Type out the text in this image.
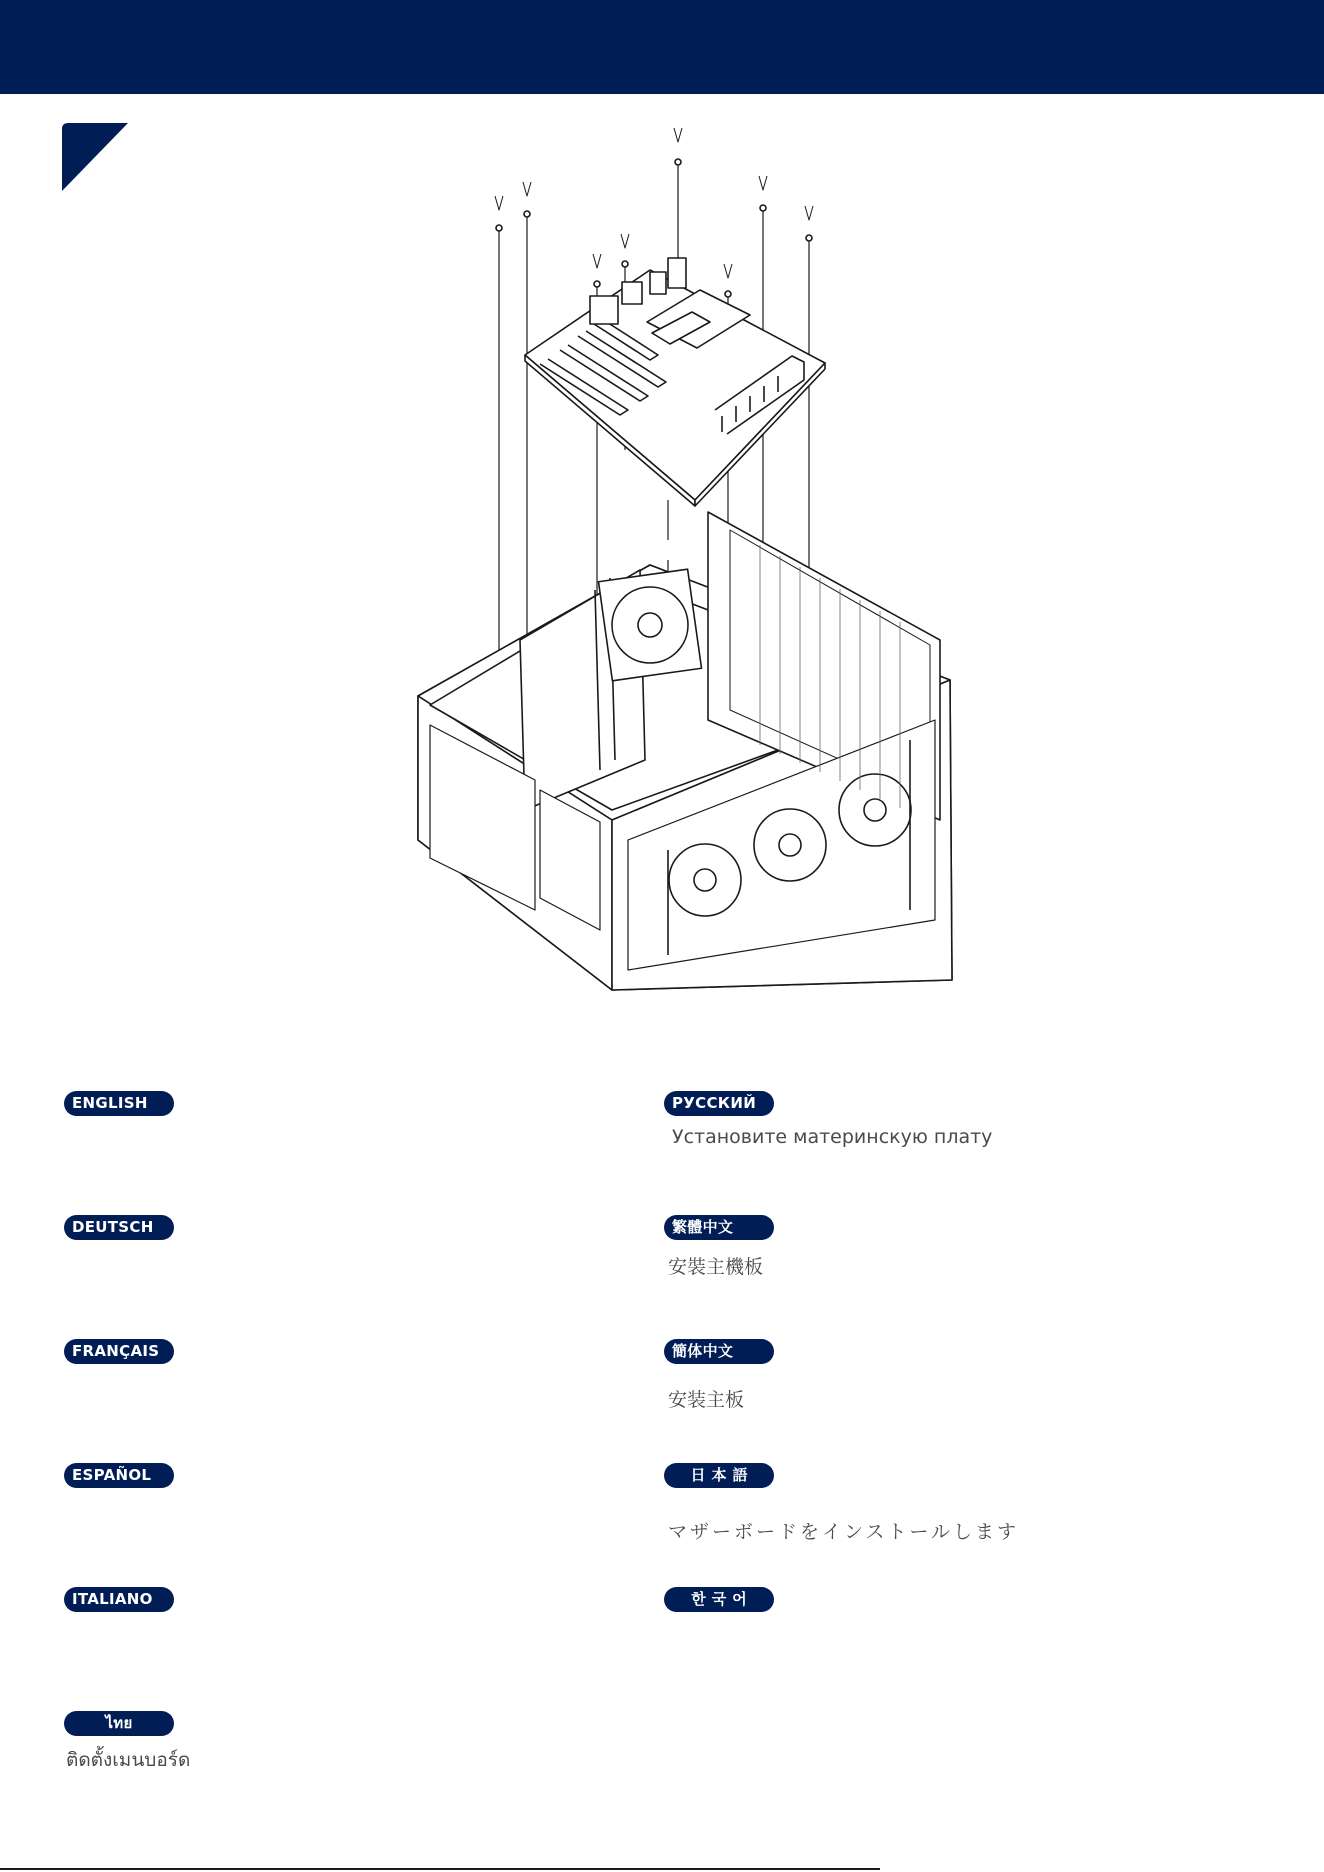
ENGLISH
DEUTSCH
FRANÇAIS
ESPAÑOL
ITALIANO
ไทย
ติดตั้งเมนบอร์ด
РУССКИЙ
Установите материнскую плату
繁體中文
安裝主機板
簡体中文
安装主板
日本語
マザーボードをインストールします
한국어
